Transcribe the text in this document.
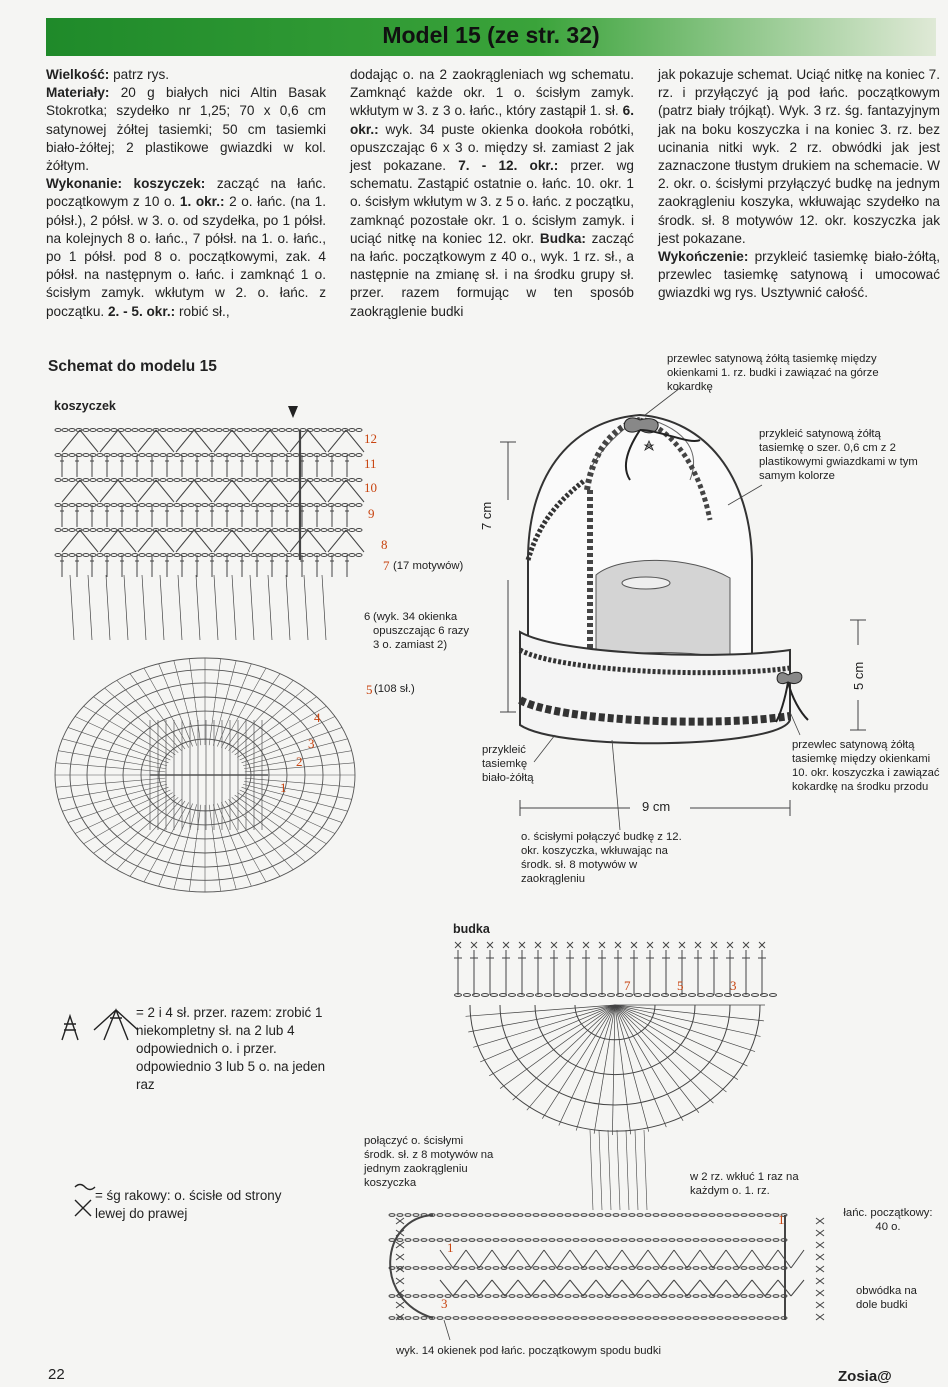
Model 15 (ze str. 32)
Wielkość: patrz rys.
Materiały: 20 g białych nici Altin Basak Stokrotka; szydełko nr 1,25; 70 x 0,6 cm satynowej żółtej tasiemki; 50 cm tasiemki biało-żółtej; 2 plastikowe gwiazdki w kol. żółtym.
Wykonanie: koszyczek: zacząć na łańc. początkowym z 10 o. 1. okr.: 2 o. łańc. (na 1. półsł.), 2 półsł. w 3. o. od szydełka, po 1 półsł. na kolejnych 8 o. łańc., 7 półsł. na 1. o. łańc., po 1 półsł. pod 8 o. początkowymi, zak. 4 półsł. na następnym o. łańc. i zamknąć 1 o. ścisłym zamyk. wkłutym w 2. o. łańc. z początku. 2. - 5. okr.: robić sł.,
dodając o. na 2 zaokrągleniach wg schematu. Zamknąć każde okr. 1 o. ścisłym zamyk. wkłutym w 3. z 3 o. łańc., który zastąpił 1. sł. 6. okr.: wyk. 34 puste okienka dookoła robótki, opuszczając 6 x 3 o. między sł. zamiast 2 jak jest pokazane. 7. - 12. okr.: przer. wg schematu. Zastąpić ostatnie o. łańc. 10. okr. 1 o. ścisłym wkłutym w 3. z 5 o. łańc. z początku, zamknąć pozostałe okr. 1 o. ścisłym zamyk. i uciąć nitkę na koniec 12. okr. Budka: zacząć na łańc. początkowym z 40 o., wyk. 1 rz. sł., a następnie na zmianę sł. i na środku grupy sł. przer. razem formując w ten sposób zaokrąglenie budki
jak pokazuje schemat. Uciąć nitkę na koniec 7. rz. i przyłączyć ją pod łańc. początkowym (patrz biały trójkąt). Wyk. 3 rz. śg. fantazyjnym jak na boku koszyczka i na koniec 3. rz. bez ucinania nitki wyk. 2 rz. obwódki jak jest zaznaczone tłustym drukiem na schemacie. W 2. okr. o. ścisłymi przyłączyć budkę na jednym zaokrągleniu koszyka, wkłuwając szydełko na środk. sł. 8 motywów 12. okr. koszyczka jak jest pokazane.
Wykończenie: przykleić tasiemkę biało-żółtą, przewlec tasiemkę satynową i umocować gwiazdki wg rys. Usztywnić całość.
Schemat do modelu 15
koszyczek
12
11
10
9
8
7 (17 motywów)
6 (wyk. 34 okienka opuszczając 6 razy 3 o. zamiast 2)
5 (108 sł.)
4
3
2
1
przewlec satynową żółtą tasiemkę między okienkami 1. rz. budki i zawiązać na górze kokardkę
przykleić satynową żółtą tasiemkę o szer. 0,6 cm z 2 plastikowymi gwiazdkami w tym samym kolorze
7 cm
5 cm
9 cm
przykleić tasiemkę biało-żółtą
przewlec satynową żółtą tasiemkę między okienkami 10. okr. koszyczka i zawiązać kokardkę na środku przodu
o. ścisłymi połączyć budkę z 12. okr. koszyczka, wkłuwając na środk. sł. 8 motywów w zaokrągleniu
= 2 i 4 sł. przer. razem: zrobić 1 niekompletny sł. na 2 lub 4 odpowiednich o. i przer. odpowiednio 3 lub 5 o. na jeden raz
= śg rakowy: o. ścisłe od strony lewej do prawej
budka
7	5	3
1
1
3
połączyć o. ścisłymi środk. sł. z 8 motywów na jednym zaokrągleniu koszyczka	w 2 rz. wkłuć 1 raz na każdym o. 1. rz.
łańc. początkowy: 40 o.
obwódka na dole budki
wyk. 14 okienek pod łańc. początkowym spodu budki
22	Zosia@
